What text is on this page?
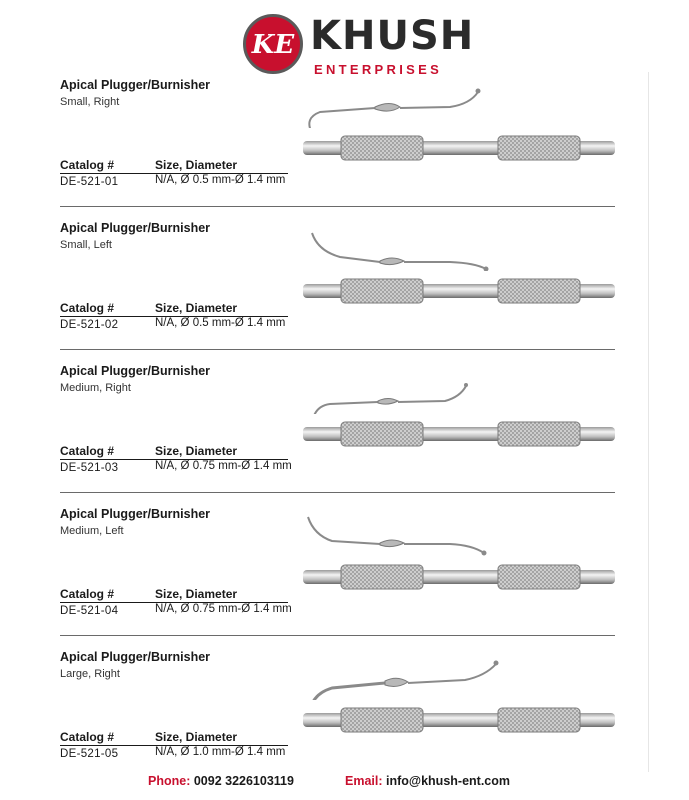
KE KHUSH
ENTERPRISES
Apical Plugger/Burnisher
Small, Right
Catalog #	Size, Diameter
DE-521-01	N/A, Ø 0.5 mm-Ø 1.4 mm
Apical Plugger/Burnisher
Small, Left
Catalog #	Size, Diameter
DE-521-02	N/A, Ø 0.5 mm-Ø 1.4 mm
Apical Plugger/Burnisher
Medium, Right
Catalog #	Size, Diameter
DE-521-03	N/A, Ø 0.75 mm-Ø 1.4 mm
Apical Plugger/Burnisher
Medium, Left
Catalog #	Size, Diameter
DE-521-04	N/A, Ø 0.75 mm-Ø 1.4 mm
Apical Plugger/Burnisher
Large, Right
Catalog #	Size, Diameter
DE-521-05	N/A, Ø 1.0 mm-Ø 1.4 mm
Phone: 0092 3226103119	Email: info@khush-ent.com
